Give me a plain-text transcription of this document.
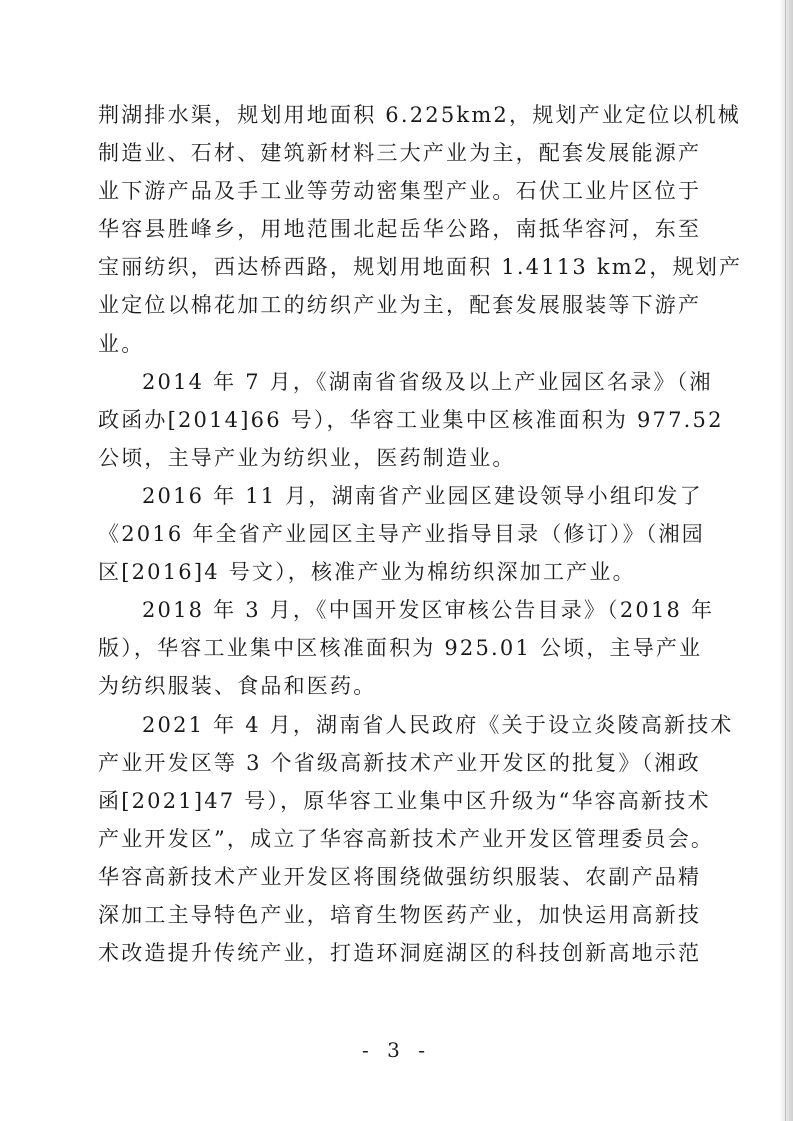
荆湖排水渠，规划用地面积 6.225km2，规划产业定位以机械
制造业、石材、建筑新材料三大产业为主，配套发展能源产
业下游产品及手工业等劳动密集型产业。石伏工业片区位于
华容县胜峰乡，用地范围北起岳华公路，南抵华容河，东至
宝丽纺织，西达桥西路，规划用地面积 1.4113 km2，规划产
业定位以棉花加工的纺织产业为主，配套发展服装等下游产
业。
2014 年 7 月，《湖南省省级及以上产业园区名录》（湘
政函办[2014]66 号），华容工业集中区核准面积为 977.52
公顷，主导产业为纺织业，医药制造业。
2016 年 11 月，湖南省产业园区建设领导小组印发了
《2016 年全省产业园区主导产业指导目录（修订）》（湘园
区[2016]4 号文），核准产业为棉纺织深加工产业。
2018 年 3 月，《中国开发区审核公告目录》（2018 年
版），华容工业集中区核准面积为 925.01 公顷，主导产业
为纺织服装、食品和医药。
2021 年 4 月，湖南省人民政府《关于设立炎陵高新技术
产业开发区等 3 个省级高新技术产业开发区的批复》（湘政
函[2021]47 号），原华容工业集中区升级为“华容高新技术
产业开发区”，成立了华容高新技术产业开发区管理委员会。
华容高新技术产业开发区将围绕做强纺织服装、农副产品精
深加工主导特色产业，培育生物医药产业，加快运用高新技
术改造提升传统产业，打造环洞庭湖区的科技创新高地示范
- 3 -
